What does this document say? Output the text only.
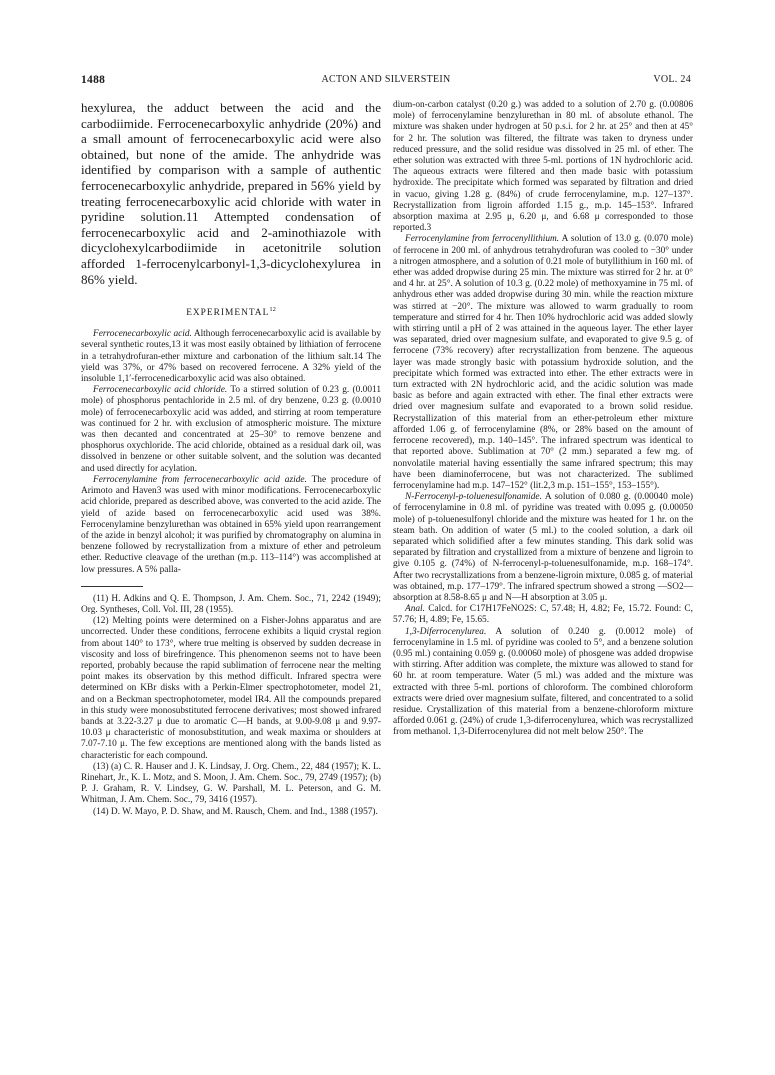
1488	ACTON AND SILVERSTEIN	VOL. 24

hexylurea, the adduct between the acid and the carbodiimide. Ferrocenecarboxylic anhydride (20%) and a small amount of ferrocenecarboxylic acid were also obtained, but none of the amide. The anhydride was identified by comparison with a sample of authentic ferrocenecarboxylic anhydride, prepared in 56% yield by treating ferrocenecarboxylic acid chloride with water in pyridine solution.11 Attempted condensation of ferrocenecarboxylic acid and 2-aminothiazole with dicyclohexylcarbodiimide in acetonitrile solution afforded 1-ferrocenylcarbonyl-1,3-dicyclohexylurea in 86% yield.

EXPERIMENTAL$^{12}$

Ferrocenecarboxylic acid. Although ferrocenecarboxylic acid is available by several synthetic routes,13 it was most easily obtained by lithiation of ferrocene in a tetrahydrofuran-ether mixture and carbonation of the lithium salt.14 The yield was 37%, or 47% based on recovered ferrocene. A 32% yield of the insoluble 1,1′-ferrocenedicarboxylic acid was also obtained.

Ferrocenecarboxylic acid chloride. To a stirred solution of 0.23 g. (0.0011 mole) of phosphorus pentachloride in 2.5 ml. of dry benzene, 0.23 g. (0.0010 mole) of ferrocenecarboxylic acid was added, and stirring at room temperature was continued for 2 hr. with exclusion of atmospheric moisture. The mixture was then decanted and concentrated at 25–30° to remove benzene and phosphorus oxychloride. The acid chloride, obtained as a residual dark oil, was dissolved in benzene or other suitable solvent, and the solution was decanted and used directly for acylation.

Ferrocenylamine from ferrocenecarboxylic acid azide. The procedure of Arimoto and Haven3 was used with minor modifications. Ferrocenecarboxylic acid chloride, prepared as described above, was converted to the acid azide. The yield of azide based on ferrocenecarboxylic acid used was 38%. Ferrocenylamine benzylurethan was obtained in 65% yield upon rearrangement of the azide in benzyl alcohol; it was purified by chromatography on alumina in benzene followed by recrystallization from a mixture of ether and petroleum ether. Reductive cleavage of the urethan (m.p. 113–114°) was accomplished at low pressures. A 5% palla-

(11) H. Adkins and Q. E. Thompson, J. Am. Chem. Soc., 71, 2242 (1949); Org. Syntheses, Coll. Vol. III, 28 (1955).

(12) Melting points were determined on a Fisher-Johns apparatus and are uncorrected. Under these conditions, ferrocene exhibits a liquid crystal region from about 140° to 173°, where true melting is observed by sudden decrease in viscosity and loss of birefringence. This phenomenon seems not to have been reported, probably because the rapid sublimation of ferrocene near the melting point makes its observation by this method difficult. Infrared spectra were determined on KBr disks with a Perkin-Elmer spectrophotometer, model 21, and on a Beckman spectrophotometer, model IR4. All the compounds prepared in this study were monosubstituted ferrocene derivatives; most showed infrared bands at 3.22-3.27 μ due to aromatic C—H bands, at 9.00-9.08 μ and 9.97-10.03 μ characteristic of monosubstitution, and weak maxima or shoulders at 7.07-7.10 μ. The few exceptions are mentioned along with the bands listed as characteristic for each compound.

(13) (a) C. R. Hauser and J. K. Lindsay, J. Org. Chem., 22, 484 (1957); K. L. Rinehart, Jr., K. L. Motz, and S. Moon, J. Am. Chem. Soc., 79, 2749 (1957); (b) P. J. Graham, R. V. Lindsey, G. W. Parshall, M. L. Peterson, and G. M. Whitman, J. Am. Chem. Soc., 79, 3416 (1957).

(14) D. W. Mayo, P. D. Shaw, and M. Rausch, Chem. and Ind., 1388 (1957).

dium-on-carbon catalyst (0.20 g.) was added to a solution of 2.70 g. (0.00806 mole) of ferrocenylamine benzylurethan in 80 ml. of absolute ethanol. The mixture was shaken under hydrogen at 50 p.s.i. for 2 hr. at 25° and then at 45° for 2 hr. The solution was filtered, the filtrate was taken to dryness under reduced pressure, and the solid residue was dissolved in 25 ml. of ether. The ether solution was extracted with three 5-ml. portions of 1N hydrochloric acid. The aqueous extracts were filtered and then made basic with potassium hydroxide. The precipitate which formed was separated by filtration and dried in vacuo, giving 1.28 g. (84%) of crude ferrocenylamine, m.p. 127–137°. Recrystallization from ligroin afforded 1.15 g., m.p. 145–153°. Infrared absorption maxima at 2.95 μ, 6.20 μ, and 6.68 μ corresponded to those reported.3

Ferrocenylamine from ferrocenyllithium. A solution of 13.0 g. (0.070 mole) of ferrocene in 200 ml. of anhydrous tetrahydrofuran was cooled to −30° under a nitrogen atmosphere, and a solution of 0.21 mole of butyllithium in 160 ml. of ether was added dropwise during 25 min. The mixture was stirred for 2 hr. at 0° and 4 hr. at 25°. A solution of 10.3 g. (0.22 mole) of methoxyamine in 75 ml. of anhydrous ether was added dropwise during 30 min. while the reaction mixture was stirred at −20°. The mixture was allowed to warm gradually to room temperature and stirred for 4 hr. Then 10% hydrochloric acid was added slowly with stirring until a pH of 2 was attained in the aqueous layer. The ether layer was separated, dried over magnesium sulfate, and evaporated to give 9.5 g. of ferrocene (73% recovery) after recrystallization from benzene. The aqueous layer was made strongly basic with potassium hydroxide solution, and the precipitate which formed was extracted into ether. The ether extracts were in turn extracted with 2N hydrochloric acid, and the acidic solution was made basic as before and again extracted with ether. The final ether extracts were dried over magnesium sulfate and evaporated to a brown solid residue. Recrystallization of this material from an ether-petroleum ether mixture afforded 1.06 g. of ferrocenylamine (8%, or 28% based on the amount of ferrocene recovered), m.p. 140–145°. The infrared spectrum was identical to that reported above. Sublimation at 70° (2 mm.) separated a few mg. of nonvolatile material having essentially the same infrared spectrum; this may have been diaminoferrocene, but was not characterized. The sublimed ferrocenylamine had m.p. 147–152° (lit.2,3 m.p. 151–155°, 153–155°).

N-Ferrocenyl-p-toluenesulfonamide. A solution of 0.080 g. (0.00040 mole) of ferrocenylamine in 0.8 ml. of pyridine was treated with 0.095 g. (0.00050 mole) of p-toluenesulfonyl chloride and the mixture was heated for 1 hr. on the steam bath. On addition of water (5 ml.) to the cooled solution, a dark oil separated which solidified after a few minutes standing. This dark solid was separated by filtration and crystallized from a mixture of benzene and ligroin to give 0.105 g. (74%) of N-ferrocenyl-p-toluenesulfonamide, m.p. 168–174°. After two recrystallizations from a benzene-ligroin mixture, 0.085 g. of material was obtained, m.p. 177–179°. The infrared spectrum showed a strong —SO2— absorption at 8.58-8.65 μ and N—H absorption at 3.05 μ.

Anal. Calcd. for C17H17FeNO2S: C, 57.48; H, 4.82; Fe, 15.72. Found: C, 57.76; H, 4.89; Fe, 15.65.

1,3-Diferrocenylurea. A solution of 0.240 g. (0.0012 mole) of ferrocenylamine in 1.5 ml. of pyridine was cooled to 5°, and a benzene solution (0.95 ml.) containing 0.059 g. (0.00060 mole) of phosgene was added dropwise with stirring. After addition was complete, the mixture was allowed to stand for 60 hr. at room temperature. Water (5 ml.) was added and the mixture was extracted with three 5-ml. portions of chloroform. The combined chloroform extracts were dried over magnesium sulfate, filtered, and concentrated to a solid residue. Crystallization of this material from a benzene-chloroform mixture afforded 0.061 g. (24%) of crude 1,3-diferrocenylurea, which was recrystallized from methanol. 1,3-Diferrocenylurea did not melt below 250°. The
